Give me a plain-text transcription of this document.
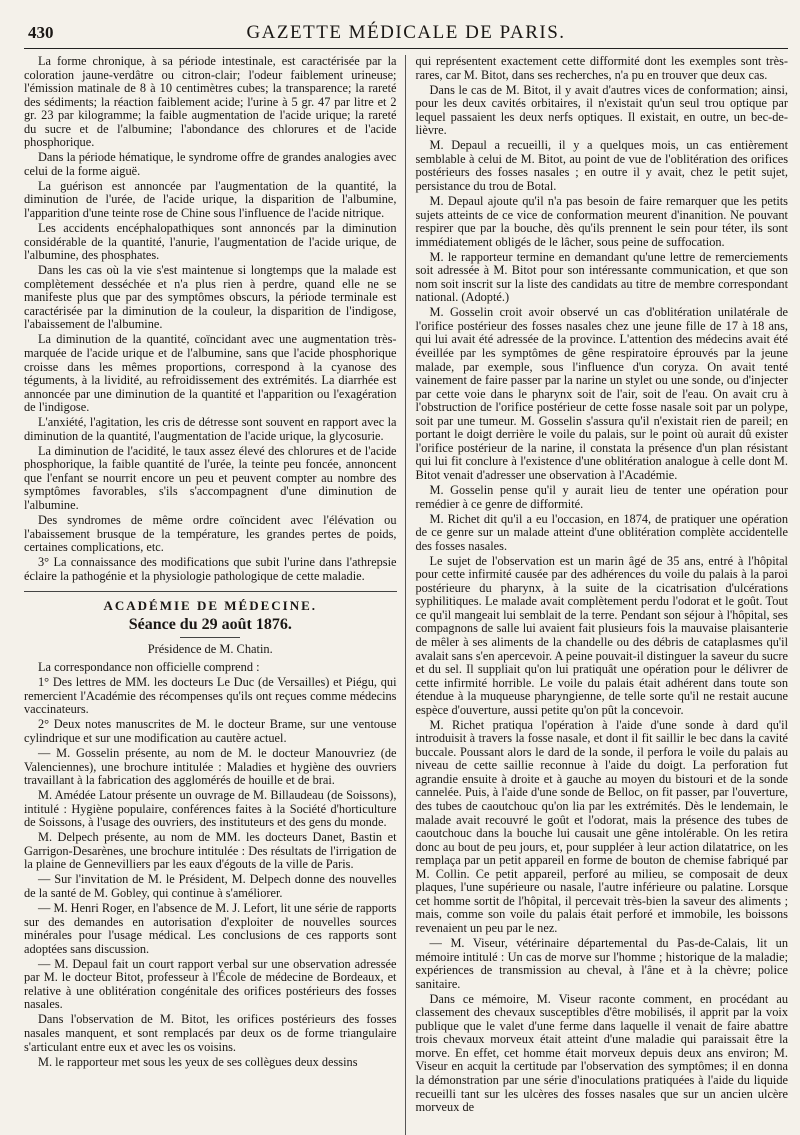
430	GAZETTE MÉDICALE DE PARIS.

La forme chronique, à sa période intestinale, est caractérisée par la coloration jaune-verdâtre ou citron-clair; l'odeur faiblement urineuse; l'émission matinale de 8 à 10 centimètres cubes; la transparence; la rareté des sédiments; la réaction faiblement acide; l'urine à 5 gr. 47 par litre et 2 gr. 23 par kilogramme; la faible augmentation de l'acide urique; la rareté du sucre et de l'albumine; l'abondance des chlorures et de l'acide phosphorique.

Dans la période hématique, le syndrome offre de grandes analogies avec celui de la forme aiguë.

La guérison est annoncée par l'augmentation de la quantité, la diminution de l'urée, de l'acide urique, la disparition de l'albumine, l'apparition d'une teinte rose de Chine sous l'influence de l'acide nitrique.

Les accidents encéphalopathiques sont annoncés par la diminution considérable de la quantité, l'anurie, l'augmentation de l'acide urique, de l'albumine, des phosphates.

Dans les cas où la vie s'est maintenue si longtemps que la malade est complètement desséchée et n'a plus rien à perdre, quand elle ne se manifeste plus que par des symptômes obscurs, la période terminale est caractérisée par la diminution de la couleur, la disparition de l'indigose, l'abaissement de l'albumine.

La diminution de la quantité, coïncidant avec une augmentation très-marquée de l'acide urique et de l'albumine, sans que l'acide phosphorique croisse dans les mêmes proportions, correspond à la cyanose des téguments, à la lividité, au refroidissement des extrémités. La diarrhée est annoncée par une diminution de la quantité et l'apparition ou l'exagération de l'indigose.

L'anxiété, l'agitation, les cris de détresse sont souvent en rapport avec la diminution de la quantité, l'augmentation de l'acide urique, la glycosurie.

La diminution de l'acidité, le taux assez élevé des chlorures et de l'acide phosphorique, la faible quantité de l'urée, la teinte peu foncée, annoncent que l'enfant se nourrit encore un peu et peuvent compter au nombre des symptômes favorables, s'ils s'accompagnent d'une diminution de l'albumine.

Des syndromes de même ordre coïncident avec l'élévation ou l'abaissement brusque de la température, les grandes pertes de poids, certaines complications, etc.

3° La connaissance des modifications que subit l'urine dans l'athrepsie éclaire la pathogénie et la physiologie pathologique de cette maladie.

ACADÉMIE DE MÉDECINE.
Séance du 29 août 1876.
Présidence de M. Chatin.

La correspondance non officielle comprend :

1° Des lettres de MM. les docteurs Le Duc (de Versailles) et Piégu, qui remercient l'Académie des récompenses qu'ils ont reçues comme médecins vaccinateurs.

2° Deux notes manuscrites de M. le docteur Brame, sur une ventouse cylindrique et sur une modification au cautère actuel.

— M. Gosselin présente, au nom de M. le docteur Manouvriez (de Valenciennes), une brochure intitulée : Maladies et hygiène des ouvriers travaillant à la fabrication des agglomérés de houille et de brai.

M. Amédée Latour présente un ouvrage de M. Billaudeau (de Soissons), intitulé : Hygiène populaire, conférences faites à la Société d'horticulture de Soissons, à l'usage des ouvriers, des instituteurs et des gens du monde.

M. Delpech présente, au nom de MM. les docteurs Danet, Bastin et Garrigon-Desarènes, une brochure intitulée : Des résultats de l'irrigation de la plaine de Gennevilliers par les eaux d'égouts de la ville de Paris.

— Sur l'invitation de M. le Président, M. Delpech donne des nouvelles de la santé de M. Gobley, qui continue à s'améliorer.

— M. Henri Roger, en l'absence de M. J. Lefort, lit une série de rapports sur des demandes en autorisation d'exploiter de nouvelles sources minérales pour l'usage médical. Les conclusions de ces rapports sont adoptées sans discussion.

— M. Depaul fait un court rapport verbal sur une observation adressée par M. le docteur Bitot, professeur à l'École de médecine de Bordeaux, et relative à une oblitération congénitale des orifices postérieurs des fosses nasales.

Dans l'observation de M. Bitot, les orifices postérieurs des fosses nasales manquent, et sont remplacés par deux os de forme triangulaire s'articulant entre eux et avec les os voisins.

M. le rapporteur met sous les yeux de ses collègues deux dessins

qui représentent exactement cette difformité dont les exemples sont très-rares, car M. Bitot, dans ses recherches, n'a pu en trouver que deux cas.

Dans le cas de M. Bitot, il y avait d'autres vices de conformation; ainsi, pour les deux cavités orbitaires, il n'existait qu'un seul trou optique par lequel passaient les deux nerfs optiques. Il existait, en outre, un bec-de-lièvre.

M. Depaul a recueilli, il y a quelques mois, un cas entièrement semblable à celui de M. Bitot, au point de vue de l'oblitération des orifices postérieurs des fosses nasales ; en outre il y avait, chez le petit sujet, persistance du trou de Botal.

M. Depaul ajoute qu'il n'a pas besoin de faire remarquer que les petits sujets atteints de ce vice de conformation meurent d'inanition. Ne pouvant respirer que par la bouche, dès qu'ils prennent le sein pour téter, ils sont immédiatement obligés de le lâcher, sous peine de suffocation.

M. le rapporteur termine en demandant qu'une lettre de remerciements soit adressée à M. Bitot pour son intéressante communication, et que son nom soit inscrit sur la liste des candidats au titre de membre correspondant national. (Adopté.)

M. Gosselin croit avoir observé un cas d'oblitération unilatérale de l'orifice postérieur des fosses nasales chez une jeune fille de 17 à 18 ans, qui lui avait été adressée de la province. L'attention des médecins avait été éveillée par les symptômes de gêne respiratoire éprouvés par la jeune malade, par exemple, sous l'influence d'un coryza. On avait tenté vainement de faire passer par la narine un stylet ou une sonde, ou d'injecter par cette voie dans le pharynx soit de l'air, soit de l'eau. On avait cru à l'obstruction de l'orifice postérieur de cette fosse nasale soit par un polype, soit par une tumeur. M. Gosselin s'assura qu'il n'existait rien de pareil; en portant le doigt derrière le voile du palais, sur le point où aurait dû exister l'orifice postérieur de la narine, il constata la présence d'un plan résistant qui lui fit conclure à l'existence d'une oblitération analogue à celle dont M. Bitot venait d'adresser une observation à l'Académie.

M. Gosselin pense qu'il y aurait lieu de tenter une opération pour remédier à ce genre de difformité.

M. Richet dit qu'il a eu l'occasion, en 1874, de pratiquer une opération de ce genre sur un malade atteint d'une oblitération complète accidentelle des fosses nasales.

Le sujet de l'observation est un marin âgé de 35 ans, entré à l'hôpital pour cette infirmité causée par des adhérences du voile du palais à la paroi postérieure du pharynx, à la suite de la cicatrisation d'ulcérations syphilitiques. Le malade avait complètement perdu l'odorat et le goût. Tout ce qu'il mangeait lui semblait de la terre. Pendant son séjour à l'hôpital, ses compagnons de salle lui avaient fait plusieurs fois la mauvaise plaisanterie de mêler à ses aliments de la chandelle ou des débris de cataplasmes qu'il avalait sans s'en apercevoir. A peine pouvait-il distinguer la saveur du sucre et du sel. Il suppliait qu'on lui pratiquât une opération pour le délivrer de cette infirmité horrible. Le voile du palais était adhérent dans toute son étendue à la muqueuse pharyngienne, de telle sorte qu'il ne restait aucune espèce d'ouverture, aussi petite qu'on pût la concevoir.

M. Richet pratiqua l'opération à l'aide d'une sonde à dard qu'il introduisit à travers la fosse nasale, et dont il fit saillir le bec dans la cavité buccale. Poussant alors le dard de la sonde, il perfora le voile du palais au niveau de cette saillie reconnue à l'aide du doigt. La perforation fut agrandie ensuite à droite et à gauche au moyen du bistouri et de la sonde cannelée. Puis, à l'aide d'une sonde de Belloc, on fit passer, par l'ouverture, des tubes de caoutchouc qu'on lia par les extrémités. Dès le lendemain, le malade avait recouvré le goût et l'odorat, mais la présence des tubes de caoutchouc dans la bouche lui causait une gêne intolérable. On les retira donc au bout de peu jours, et, pour suppléer à leur action dilatatrice, on les remplaça par un petit appareil en forme de bouton de chemise fabriqué par M. Collin. Ce petit appareil, perforé au milieu, se composait de deux plaques, l'une supérieure ou nasale, l'autre inférieure ou palatine. Lorsque cet homme sortit de l'hôpital, il percevait très-bien la saveur des aliments ; mais, comme son voile du palais était perforé et immobile, les boissons revenaient un peu par le nez.

— M. Viseur, vétérinaire départemental du Pas-de-Calais, lit un mémoire intitulé : Un cas de morve sur l'homme ; historique de la maladie; expériences de transmission au cheval, à l'âne et à la chèvre; police sanitaire.

Dans ce mémoire, M. Viseur raconte comment, en procédant au classement des chevaux susceptibles d'être mobilisés, il apprit par la voix publique que le valet d'une ferme dans laquelle il venait de faire abattre trois chevaux morveux était atteint d'une maladie qui paraissait être la morve. En effet, cet homme était morveux depuis deux ans environ; M. Viseur en acquit la certitude par l'observation des symptômes; il en donna la démonstration par une série d'inoculations pratiquées à l'aide du liquide recueilli tant sur les ulcères des fosses nasales que sur un ancien ulcère morveux de
